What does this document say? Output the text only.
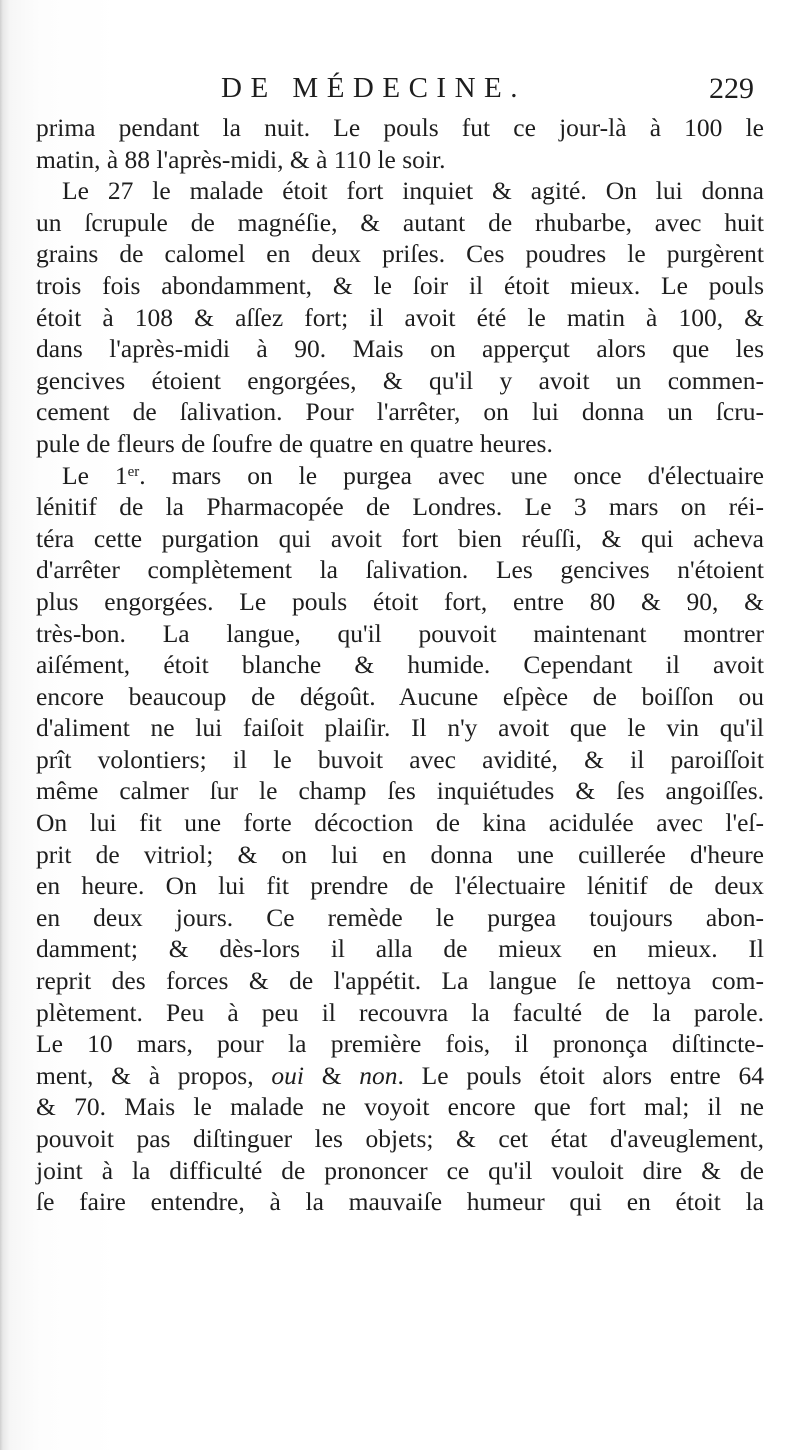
DE MÉDECINE.	229
prima pendant la nuit. Le pouls fut ce jour-là à 100 le
matin, à 88 l'après-midi, & à 110 le soir.
Le 27 le malade étoit fort inquiet & agité. On lui donna
un ſcrupule de magnéſie, & autant de rhubarbe, avec huit
grains de calomel en deux priſes. Ces poudres le purgèrent
trois fois abondamment, & le ſoir il étoit mieux. Le pouls
étoit à 108 & aſſez fort; il avoit été le matin à 100, &
dans l'après-midi à 90. Mais on apperçut alors que les
gencives étoient engorgées, & qu'il y avoit un commen-
cement de ſalivation. Pour l'arrêter, on lui donna un ſcru-
pule de fleurs de ſoufre de quatre en quatre heures.
Le 1er. mars on le purgea avec une once d'électuaire
lénitif de la Pharmacopée de Londres. Le 3 mars on réi-
téra cette purgation qui avoit fort bien réuſſi, & qui acheva
d'arrêter complètement la ſalivation. Les gencives n'étoient
plus engorgées. Le pouls étoit fort, entre 80 & 90, &
très-bon. La langue, qu'il pouvoit maintenant montrer
aiſément, étoit blanche & humide. Cependant il avoit
encore beaucoup de dégoût. Aucune eſpèce de boiſſon ou
d'aliment ne lui faiſoit plaiſir. Il n'y avoit que le vin qu'il
prît volontiers; il le buvoit avec avidité, & il paroiſſoit
même calmer ſur le champ ſes inquiétudes & ſes angoiſſes.
On lui fit une forte décoction de kina acidulée avec l'eſ-
prit de vitriol; & on lui en donna une cuillerée d'heure
en heure. On lui fit prendre de l'électuaire lénitif de deux
en deux jours. Ce remède le purgea toujours abon-
damment; & dès-lors il alla de mieux en mieux. Il
reprit des forces & de l'appétit. La langue ſe nettoya com-
plètement. Peu à peu il recouvra la faculté de la parole.
Le 10 mars, pour la première fois, il prononça diſtincte-
ment, & à propos, oui & non. Le pouls étoit alors entre 64
& 70. Mais le malade ne voyoit encore que fort mal; il ne
pouvoit pas diſtinguer les objets; & cet état d'aveuglement,
joint à la difficulté de prononcer ce qu'il vouloit dire & de
ſe faire entendre, à la mauvaiſe humeur qui en étoit la
